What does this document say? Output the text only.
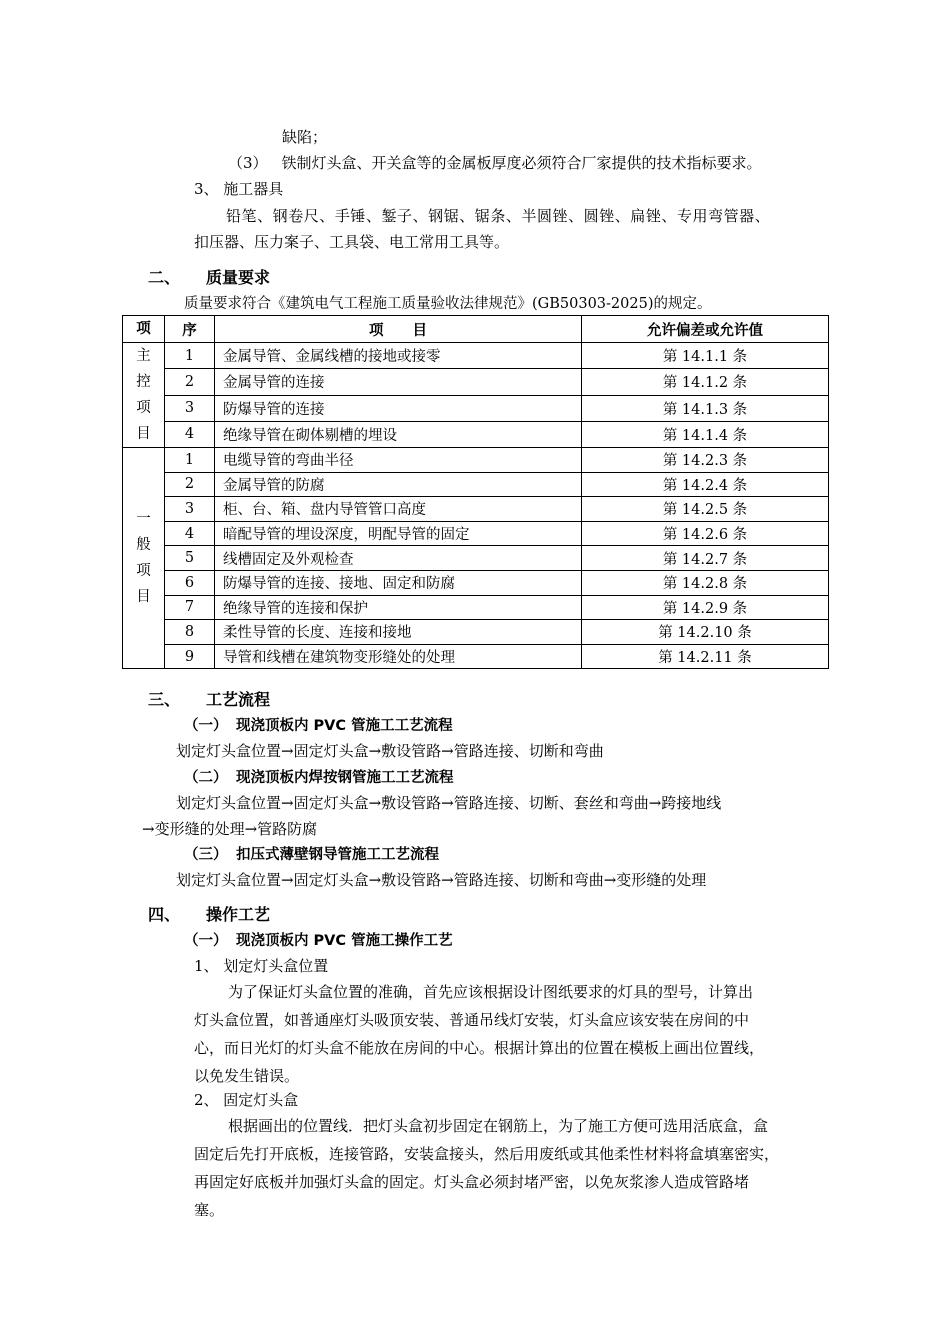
缺陷；
（3） 铁制灯头盒、开关盒等的金属板厚度必须符合厂家提供的技术指标要求。
3、 施工器具
铅笔、钢卷尺、手锤、錾子、钢锯、锯条、半圆锉、圆锉、扁锉、专用弯管器、
扣压器、压力案子、工具袋、电工常用工具等。
二、 质量要求
质量要求符合《建筑电气工程施工质量验收法律规范》(GB50303-2025)的规定。
项	序	项　　目	允许偏差或允许值

主
控
项
目	1	金属导管、金属线槽的接地或接零	第 14.1.1 条
	2	金属导管的连接	第 14.1.2 条
	3	防爆导管的连接	第 14.1.3 条
	4	绝缘导管在砌体剔槽的埋设	第 14.1.4 条

一
般
项
目	1	电缆导管的弯曲半径	第 14.2.3 条
	2	金属导管的防腐	第 14.2.4 条
	3	柜、台、箱、盘内导管管口高度	第 14.2.5 条
	4	暗配导管的埋设深度，明配导管的固定	第 14.2.6 条
	5	线槽固定及外观检查	第 14.2.7 条
	6	防爆导管的连接、接地、固定和防腐	第 14.2.8 条
	7	绝缘导管的连接和保护	第 14.2.9 条
	8	柔性导管的长度、连接和接地	第 14.2.10 条
	9	导管和线槽在建筑物变形缝处的处理	第 14.2.11 条
三、 工艺流程
（一） 现浇顶板内 PVC 管施工工艺流程
划定灯头盒位置→固定灯头盒→敷设管路→管路连接、切断和弯曲
（二） 现浇顶板内焊按钢管施工工艺流程
划定灯头盒位置→固定灯头盒→敷设管路→管路连接、切断、套丝和弯曲→跨接地线
→变形缝的处理→管路防腐
（三） 扣压式薄壁钢导管施工工艺流程
划定灯头盒位置→固定灯头盒→敷设管路→管路连接、切断和弯曲→变形缝的处理
四、 操作工艺
（一） 现浇顶板内 PVC 管施工操作工艺
1、 划定灯头盒位置
为了保证灯头盒位置的准确，首先应该根据设计图纸要求的灯具的型号，计算出
灯头盒位置，如普通座灯头吸顶安装、普通吊线灯安装，灯头盒应该安装在房间的中
心，而日光灯的灯头盒不能放在房间的中心。根据计算出的位置在模板上画出位置线，
以免发生错误。
2、 固定灯头盒
根据画出的位置线．把灯头盒初步固定在钢筋上，为了施工方便可选用活底盒，盒
固定后先打开底板，连接管路，安装盒接头，然后用废纸或其他柔性材料将盒填塞密实，
再固定好底板并加强灯头盒的固定。灯头盒必须封堵严密，以免灰浆渗人造成管路堵
塞。
